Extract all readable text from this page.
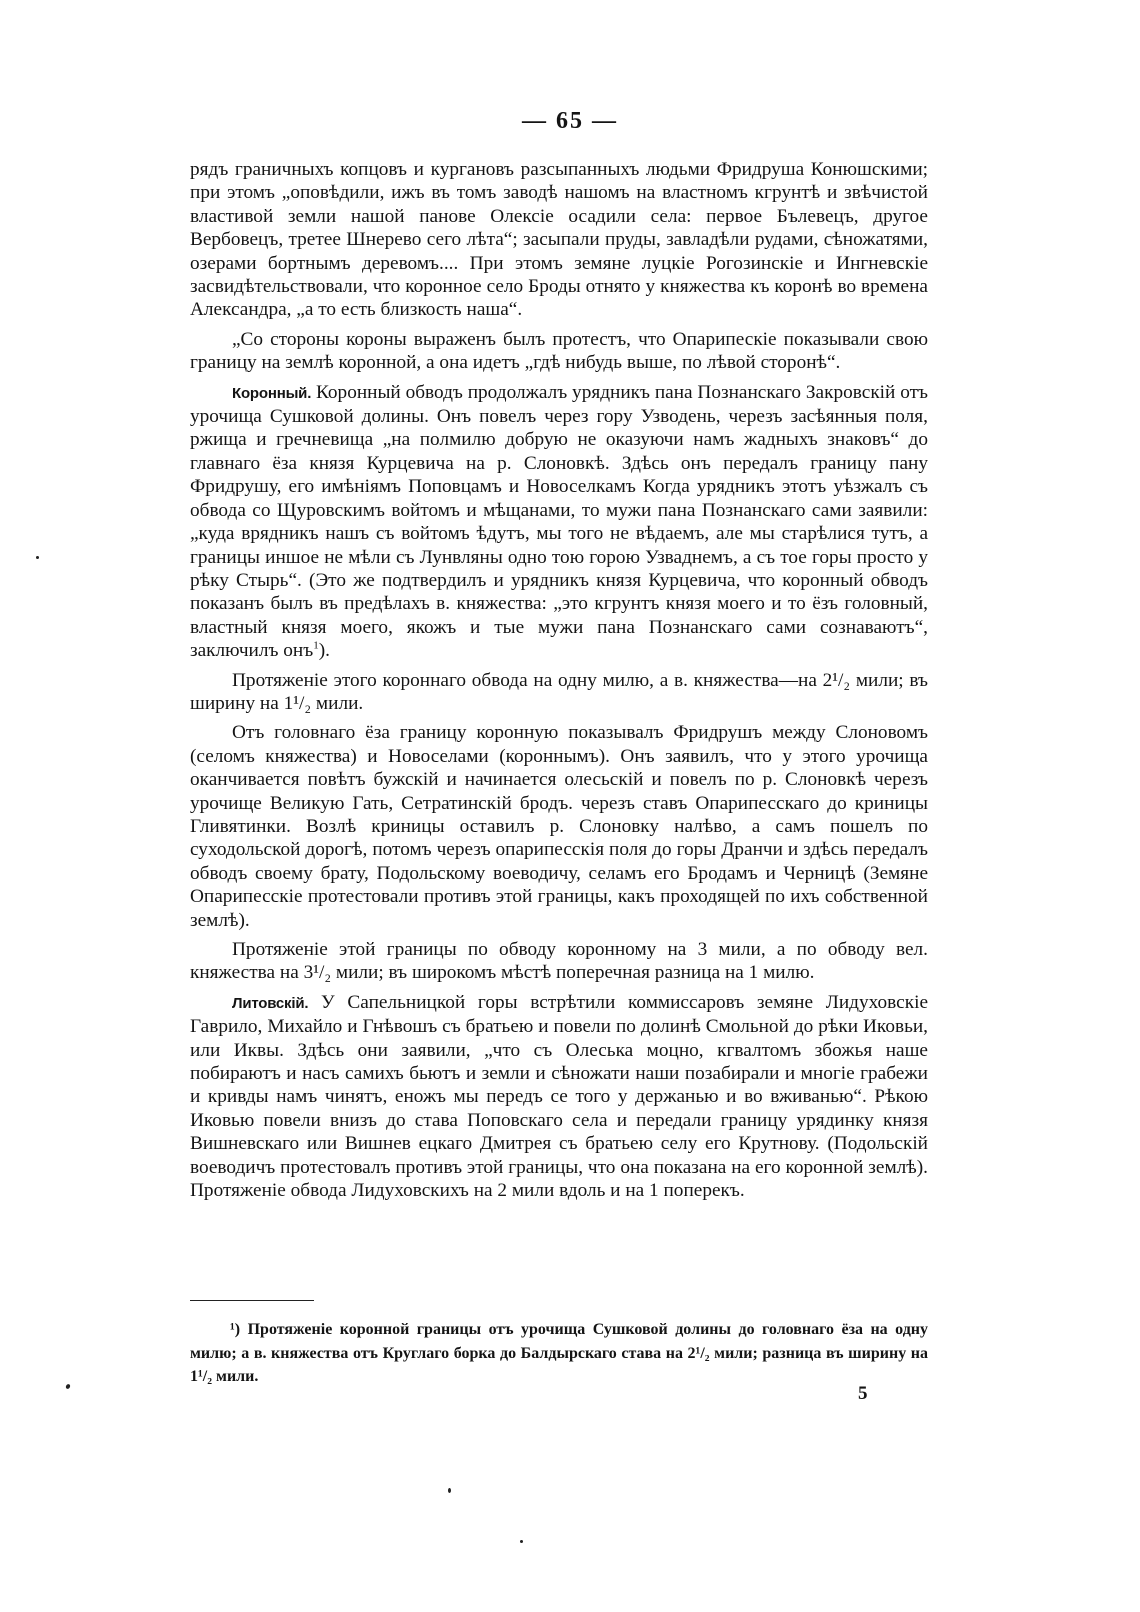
— 65 —

рядъ граничныхъ копцовъ и кургановъ разсыпанныхъ людьми Фридруша Конюшскими; при этомъ „оповѣдили, ижъ въ томъ заводѣ нашомъ на властномъ кгрунтѣ и звѣчистой властивой земли нашой панове Олексіе осадили села: первое Бълевецъ, другое Вербовецъ, третее Шнерево сего лѣта“; засыпали пруды, завладѣли рудами, сѣножатями, озерами бортнымъ деревомъ.... При этомъ земяне луцкіе Рогозинскіе и Ингневскіе засвидѣтельствовали, что коронное село Броды отнято у княжества къ коронѣ во времена Александра, „а то есть близкость наша“.

„Со стороны короны выраженъ былъ протестъ, что Опарипескіе показывали свою границу на землѣ коронной, а она идетъ „гдѣ нибудь выше, по лѣвой сторонѣ“.

Коронный. Коронный обводъ продолжалъ урядникъ пана Познанскаго Закровскій отъ урочища Сушковой долины. Онъ повелъ через гору Узводень, черезъ засѣянныя поля, ржища и гречневища „на полмилю добрую не оказуючи намъ жадныхъ знаковъ“ до главнаго ёза князя Курцевича на р. Слоновкѣ. Здѣсь онъ передалъ границу пану Фридрушу, его имѣніямъ Поповцамъ и Новоселкамъ Когда урядникъ этотъ уѣзжалъ съ обвода со Щуровскимъ войтомъ и мѣщанами, то мужи пана Познанскаго сами заявили: „куда врядникъ нашъ съ войтомъ ѣдутъ, мы того не вѣдаемъ, але мы старѣлися тутъ, а границы иншое не мѣли съ Лунвляны одно тою горою Узваднемъ, а съ тое горы просто у рѣку Стырь“. (Это же подтвердилъ и урядникъ князя Курцевича, что коронный обводъ показанъ былъ въ предѣлахъ в. княжества: „это кгрунтъ князя моего и то ёзъ головный, властный князя моего, якожъ и тые мужи пана Познанскаго сами сознаваютъ“, заключилъ онъ$^1$).

Протяженіе этого короннаго обвода на одну милю, а в. княжества—на 2¹/₂ мили; въ ширину на 1¹/₂ мили.

Отъ головнаго ёза границу коронную показывалъ Фридрушъ между Слоновомъ (селомъ княжества) и Новоселами (короннымъ). Онъ заявилъ, что у этого урочища оканчивается повѣтъ бужскій и начинается олесьскій и повелъ по р. Слоновкѣ черезъ урочище Великую Гать, Сетратинскій бродъ. черезъ ставъ Опарипесскаго до криницы Гливятинки. Возлѣ криницы оставилъ р. Слоновку налѣво, а самъ пошелъ по суходольской дорогѣ, потомъ черезъ опарипесскія поля до горы Дранчи и здѣсь передалъ обводъ своему брату, Подольскому воеводичу, селамъ его Бродамъ и Черницѣ (Земяне Опарипесскіе протестовали противъ этой границы, какъ проходящей по ихъ собственной землѣ).

Протяженіе этой границы по обводу коронному на 3 мили, а по обводу вел. княжества на 3¹/₂ мили; въ широкомъ мѣстѣ поперечная разница на 1 милю.

Литовскій. У Сапельницкой горы встрѣтили коммиссаровъ земяне Лидуховскіе Гаврило, Михайло и Гнѣвошъ съ братьею и повели по долинѣ Смольной до рѣки Иковьи, или Иквы. Здѣсь они заявили, „что съ Олеська моцно, кгвалтомъ збожья наше побираютъ и насъ самихъ бьютъ и земли и сѣножати наши позабирали и многіе грабежи и кривды намъ чинятъ, еножъ мы передъ се того у держанью и во вживанью“. Рѣкою Иковью повели внизъ до става Поповскаго села и передали границу урядинку князя Вишневскаго или Вишнев ецкаго Дмитрея съ братьею селу его Крутнову. (Подольскій воеводичъ протестовалъ противъ этой границы, что она показана на его коронной землѣ). Протяженіе обвода Лидуховскихъ на 2 мили вдоль и на 1 поперекъ.

¹) Протяженіе коронной границы отъ урочища Сушковой долины до головнаго ёза на одну милю; а в. княжества отъ Круглаго борка до Балдырскаго става на 2¹/₂ мили; разница въ ширину на 1¹/₂ мили.
5
